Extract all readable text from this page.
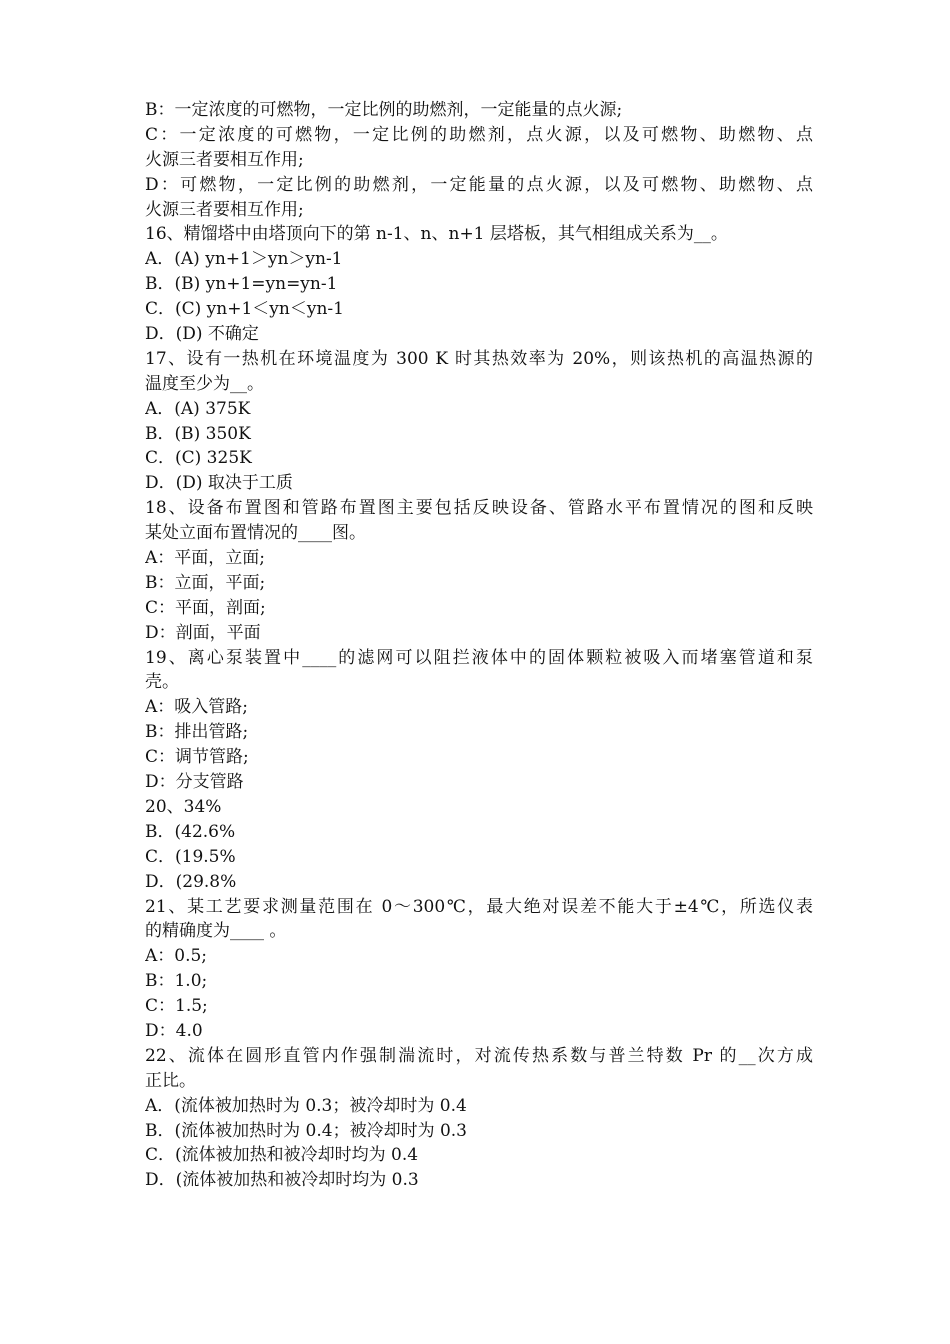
B：一定浓度的可燃物，一定比例的助燃剂，一定能量的点火源;
C：一定浓度的可燃物，一定比例的助燃剂，点火源，以及可燃物、助燃物、点
火源三者要相互作用;
D：可燃物，一定比例的助燃剂，一定能量的点火源，以及可燃物、助燃物、点
火源三者要相互作用;
16、精馏塔中由塔顶向下的第 n-1、n、n+1 层塔板，其气相组成关系为__。
A．(A) yn+1＞yn＞yn-1
B．(B) yn+1=yn=yn-1
C．(C) yn+1＜yn＜yn-1
D．(D) 不确定
17、设有一热机在环境温度为 300 K 时其热效率为 20%，则该热机的高温热源的
温度至少为__。
A．(A) 375K
B．(B) 350K
C．(C) 325K
D．(D) 取决于工质
18、设备布置图和管路布置图主要包括反映设备、管路水平布置情况的图和反映
某处立面布置情况的____图。
A：平面，立面;
B：立面，平面;
C：平面，剖面;
D：剖面，平面
19、离心泵装置中____的滤网可以阻拦液体中的固体颗粒被吸入而堵塞管道和泵
壳。
A：吸入管路;
B：排出管路;
C：调节管路;
D：分支管路
20、34%
B．(42.6%
C．(19.5%
D．(29.8%
21、某工艺要求测量范围在 0～300℃，最大绝对误差不能大于±4℃，所选仪表
的精确度为____ 。
A：0.5;
B：1.0;
C：1.5;
D：4.0
22、流体在圆形直管内作强制湍流时，对流传热系数与普兰特数 Pr 的__次方成
正比。
A．(流体被加热时为 0.3；被冷却时为 0.4
B．(流体被加热时为 0.4；被冷却时为 0.3
C．(流体被加热和被冷却时均为 0.4
D．(流体被加热和被冷却时均为 0.3
